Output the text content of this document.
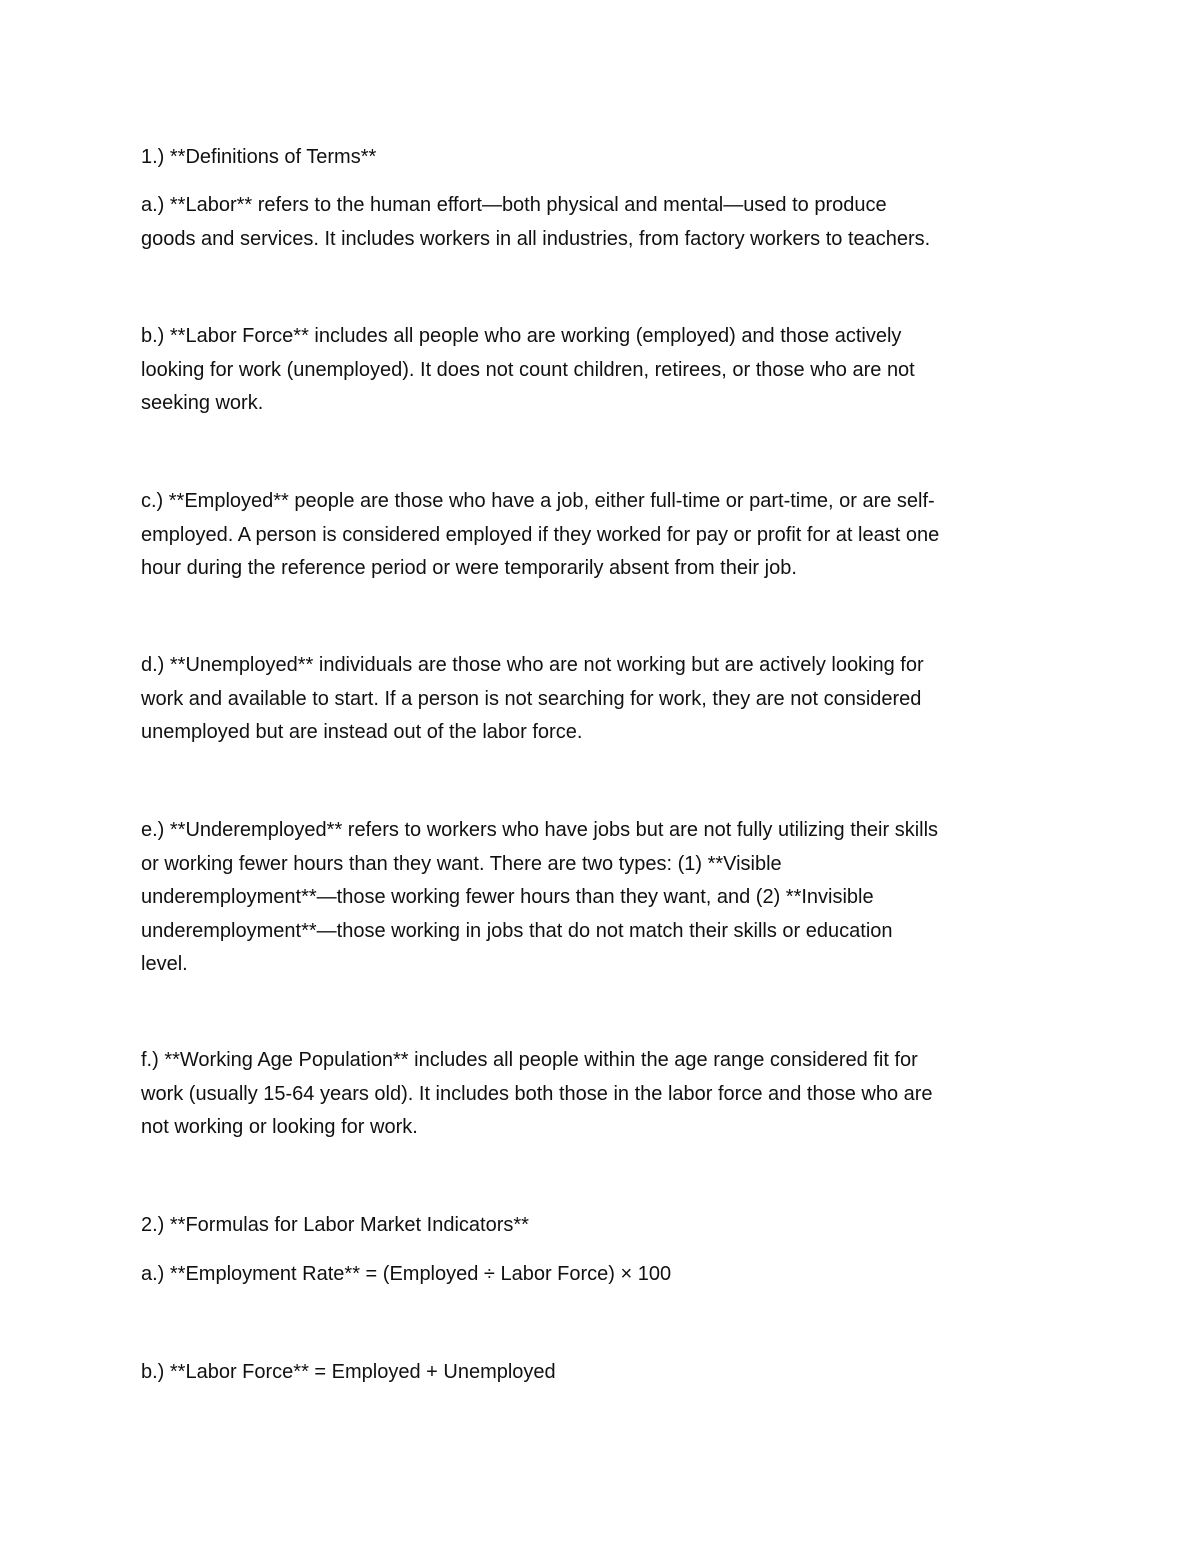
1.) **Definitions of Terms**

a.) **Labor** refers to the human effort—both physical and mental—used to produce
goods and services. It includes workers in all industries, from factory workers to teachers.

b.) **Labor Force** includes all people who are working (employed) and those actively
looking for work (unemployed). It does not count children, retirees, or those who are not
seeking work.

c.) **Employed** people are those who have a job, either full-time or part-time, or are self-
employed. A person is considered employed if they worked for pay or profit for at least one
hour during the reference period or were temporarily absent from their job.

d.) **Unemployed** individuals are those who are not working but are actively looking for
work and available to start. If a person is not searching for work, they are not considered
unemployed but are instead out of the labor force.

e.) **Underemployed** refers to workers who have jobs but are not fully utilizing their skills
or working fewer hours than they want. There are two types: (1) **Visible
underemployment**—those working fewer hours than they want, and (2) **Invisible
underemployment**—those working in jobs that do not match their skills or education
level.

f.) **Working Age Population** includes all people within the age range considered fit for
work (usually 15-64 years old). It includes both those in the labor force and those who are
not working or looking for work.

2.) **Formulas for Labor Market Indicators**

a.) **Employment Rate** = (Employed ÷ Labor Force) × 100

b.) **Labor Force** = Employed + Unemployed
